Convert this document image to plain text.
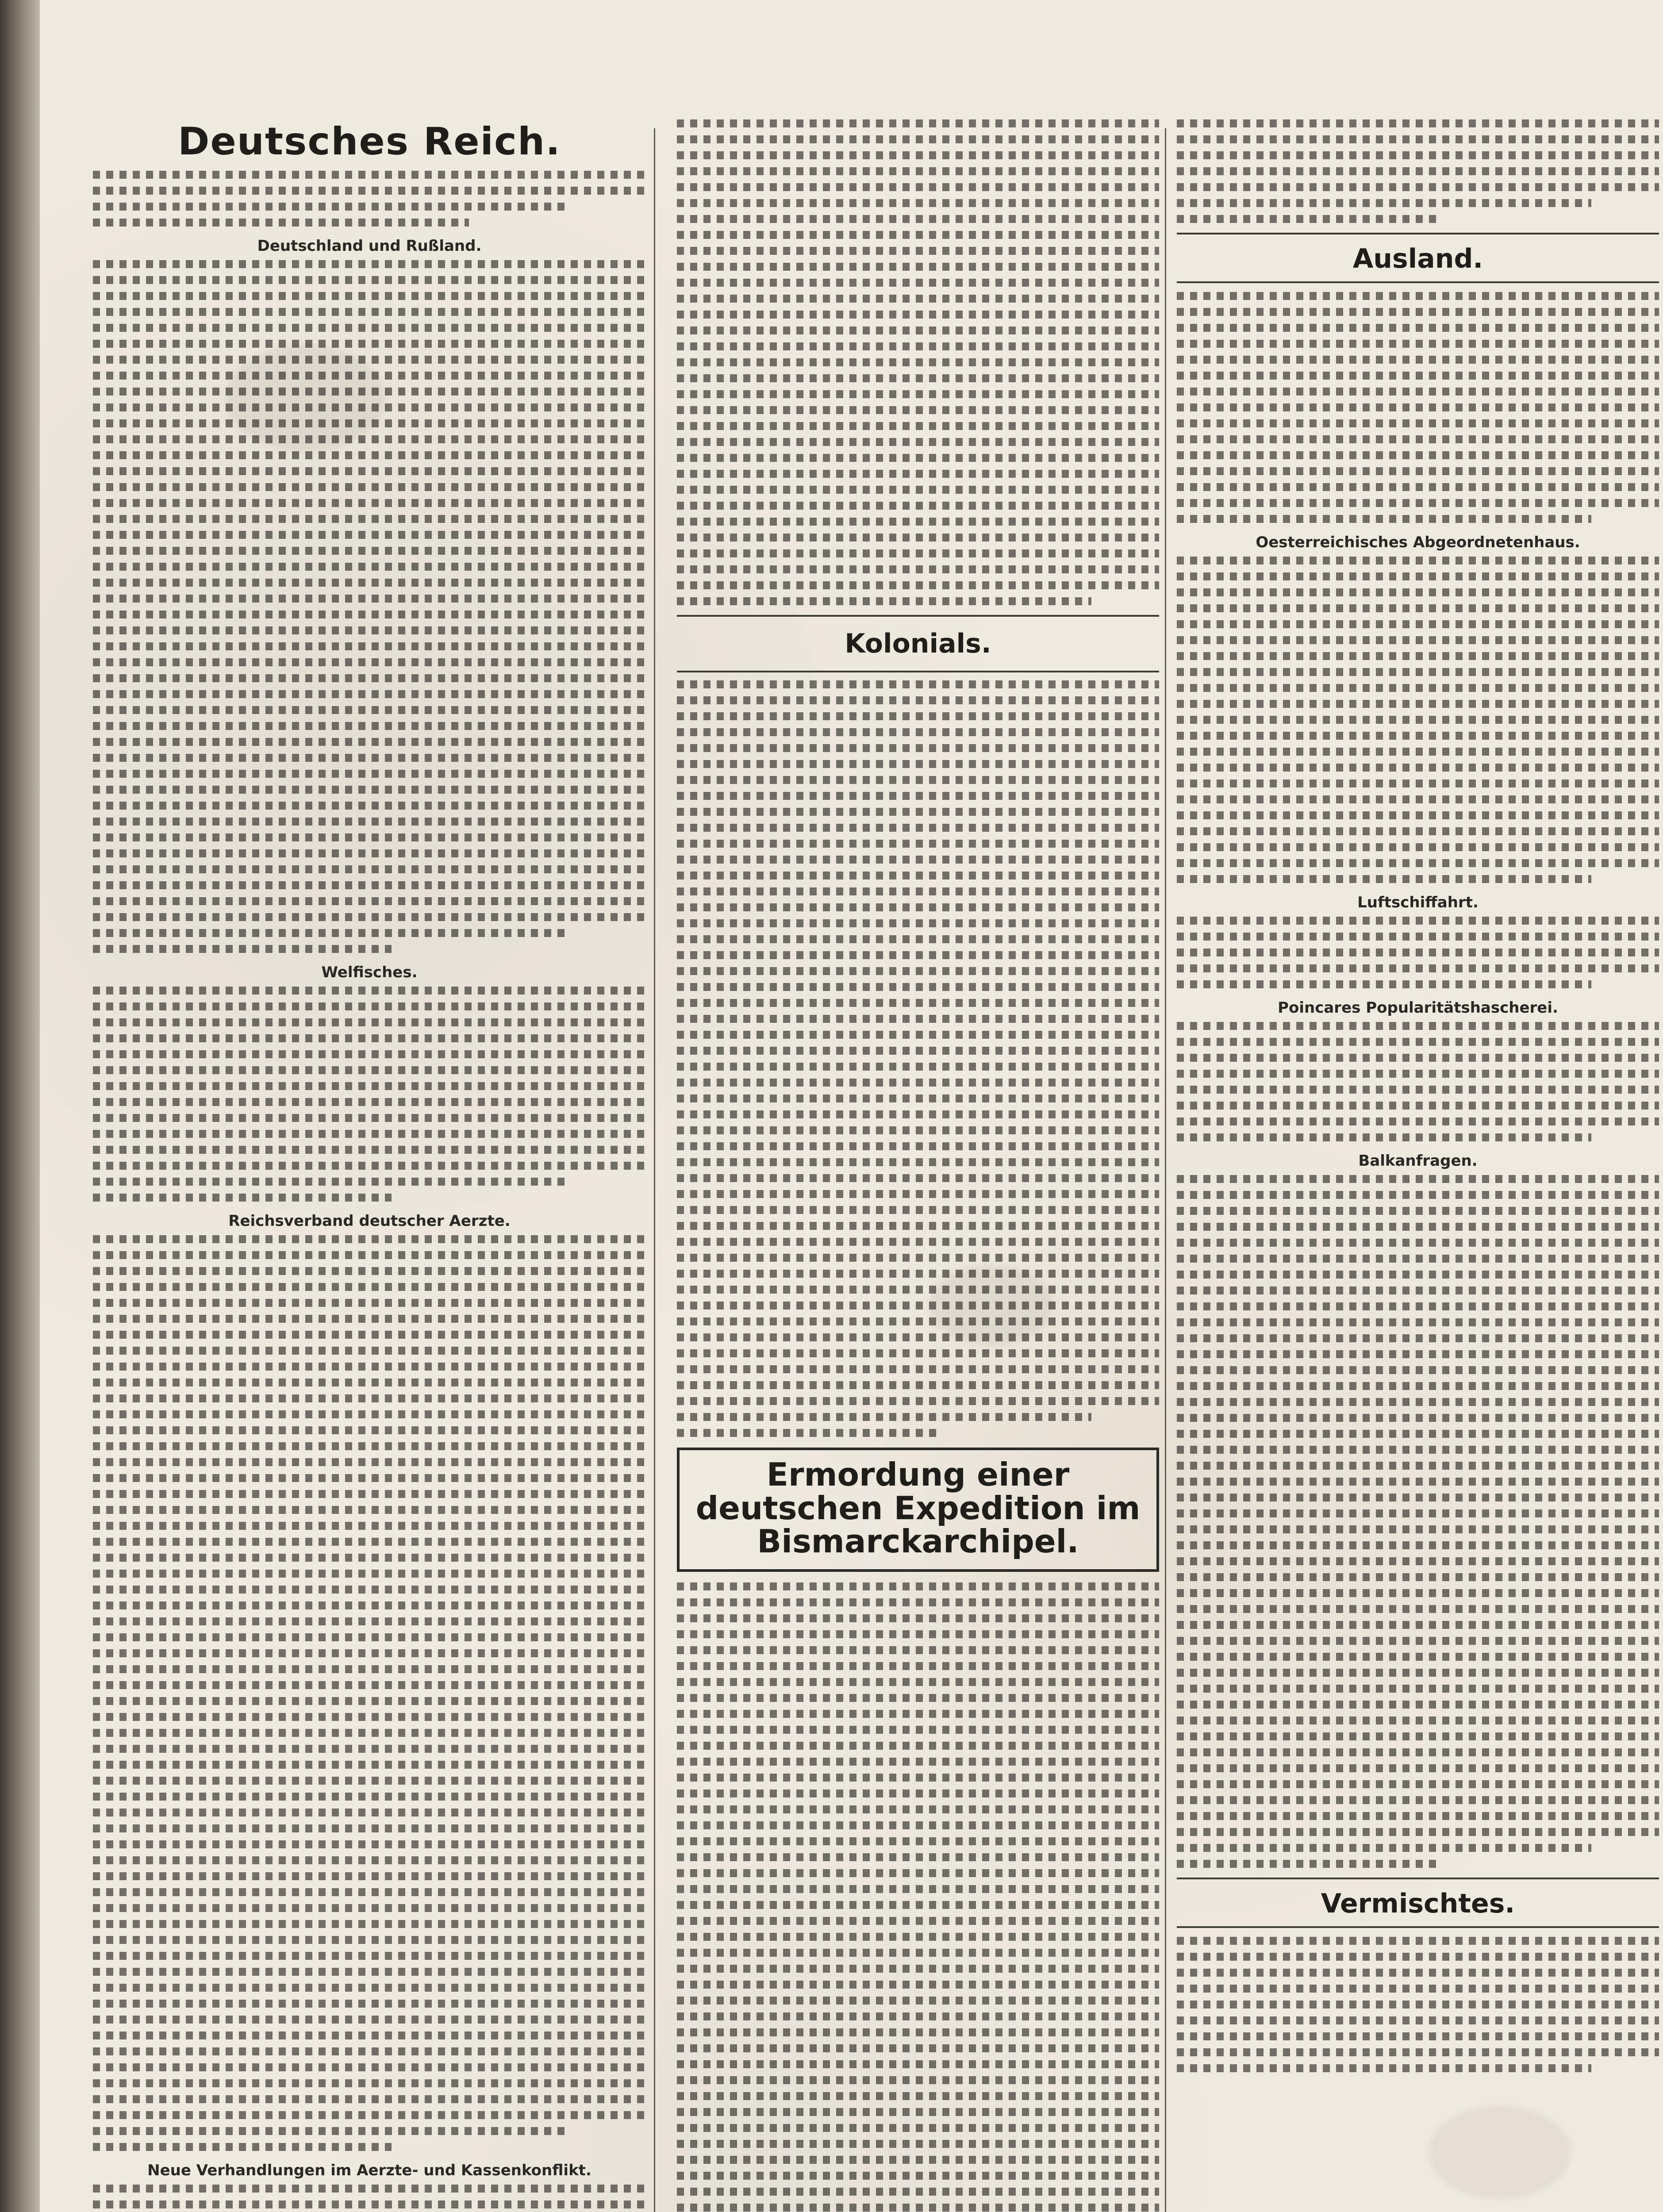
Deutsches Reich.
Deutschland und Rußland.
Welfisches.
Reichsverband deutscher Aerzte.
Neue Verhandlungen im Aerzte- und Kassenkonflikt.
Kolonials.
Ermordung einer deutschen Expedition im Bismarckarchipel.
Ausland.
Oesterreichisches Abgeordnetenhaus.
Luftschiffahrt.
Poincares Popularitätshascherei.
Balkanfragen.
Vermischtes.
